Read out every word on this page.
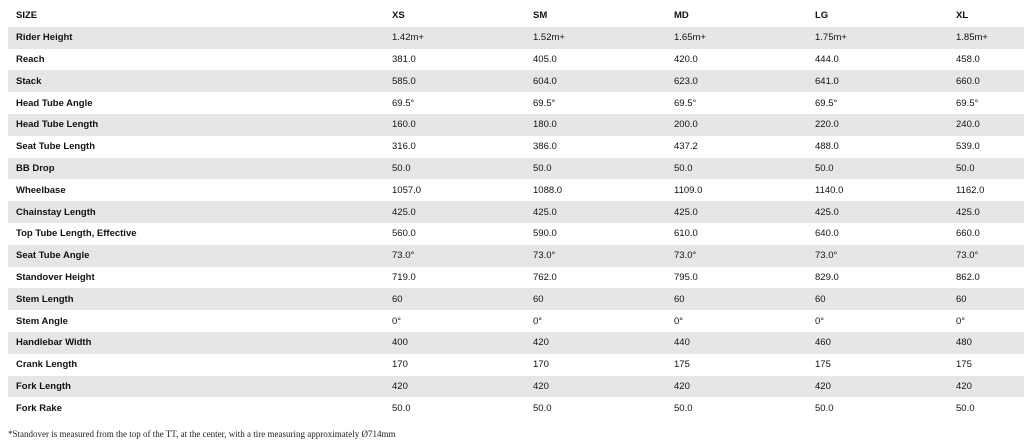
SIZE	XS	SM	MD	LG	XL
Rider Height	1.42m+	1.52m+	1.65m+	1.75m+	1.85m+
Reach	381.0	405.0	420.0	444.0	458.0
Stack	585.0	604.0	623.0	641.0	660.0
Head Tube Angle	69.5°	69.5°	69.5°	69.5°	69.5°
Head Tube Length	160.0	180.0	200.0	220.0	240.0
Seat Tube Length	316.0	386.0	437.2	488.0	539.0
BB Drop	50.0	50.0	50.0	50.0	50.0
Wheelbase	1057.0	1088.0	1109.0	1140.0	1162.0
Chainstay Length	425.0	425.0	425.0	425.0	425.0
Top Tube Length, Effective	560.0	590.0	610.0	640.0	660.0
Seat Tube Angle	73.0°	73.0°	73.0°	73.0°	73.0°
Standover Height	719.0	762.0	795.0	829.0	862.0
Stem Length	60	60	60	60	60
Stem Angle	0°	0°	0°	0°	0°
Handlebar Width	400	420	440	460	480
Crank Length	170	170	175	175	175
Fork Length	420	420	420	420	420
Fork Rake	50.0	50.0	50.0	50.0	50.0
*Standover is measured from the top of the TT, at the center, with a tire measuring approximately Ø714mm
